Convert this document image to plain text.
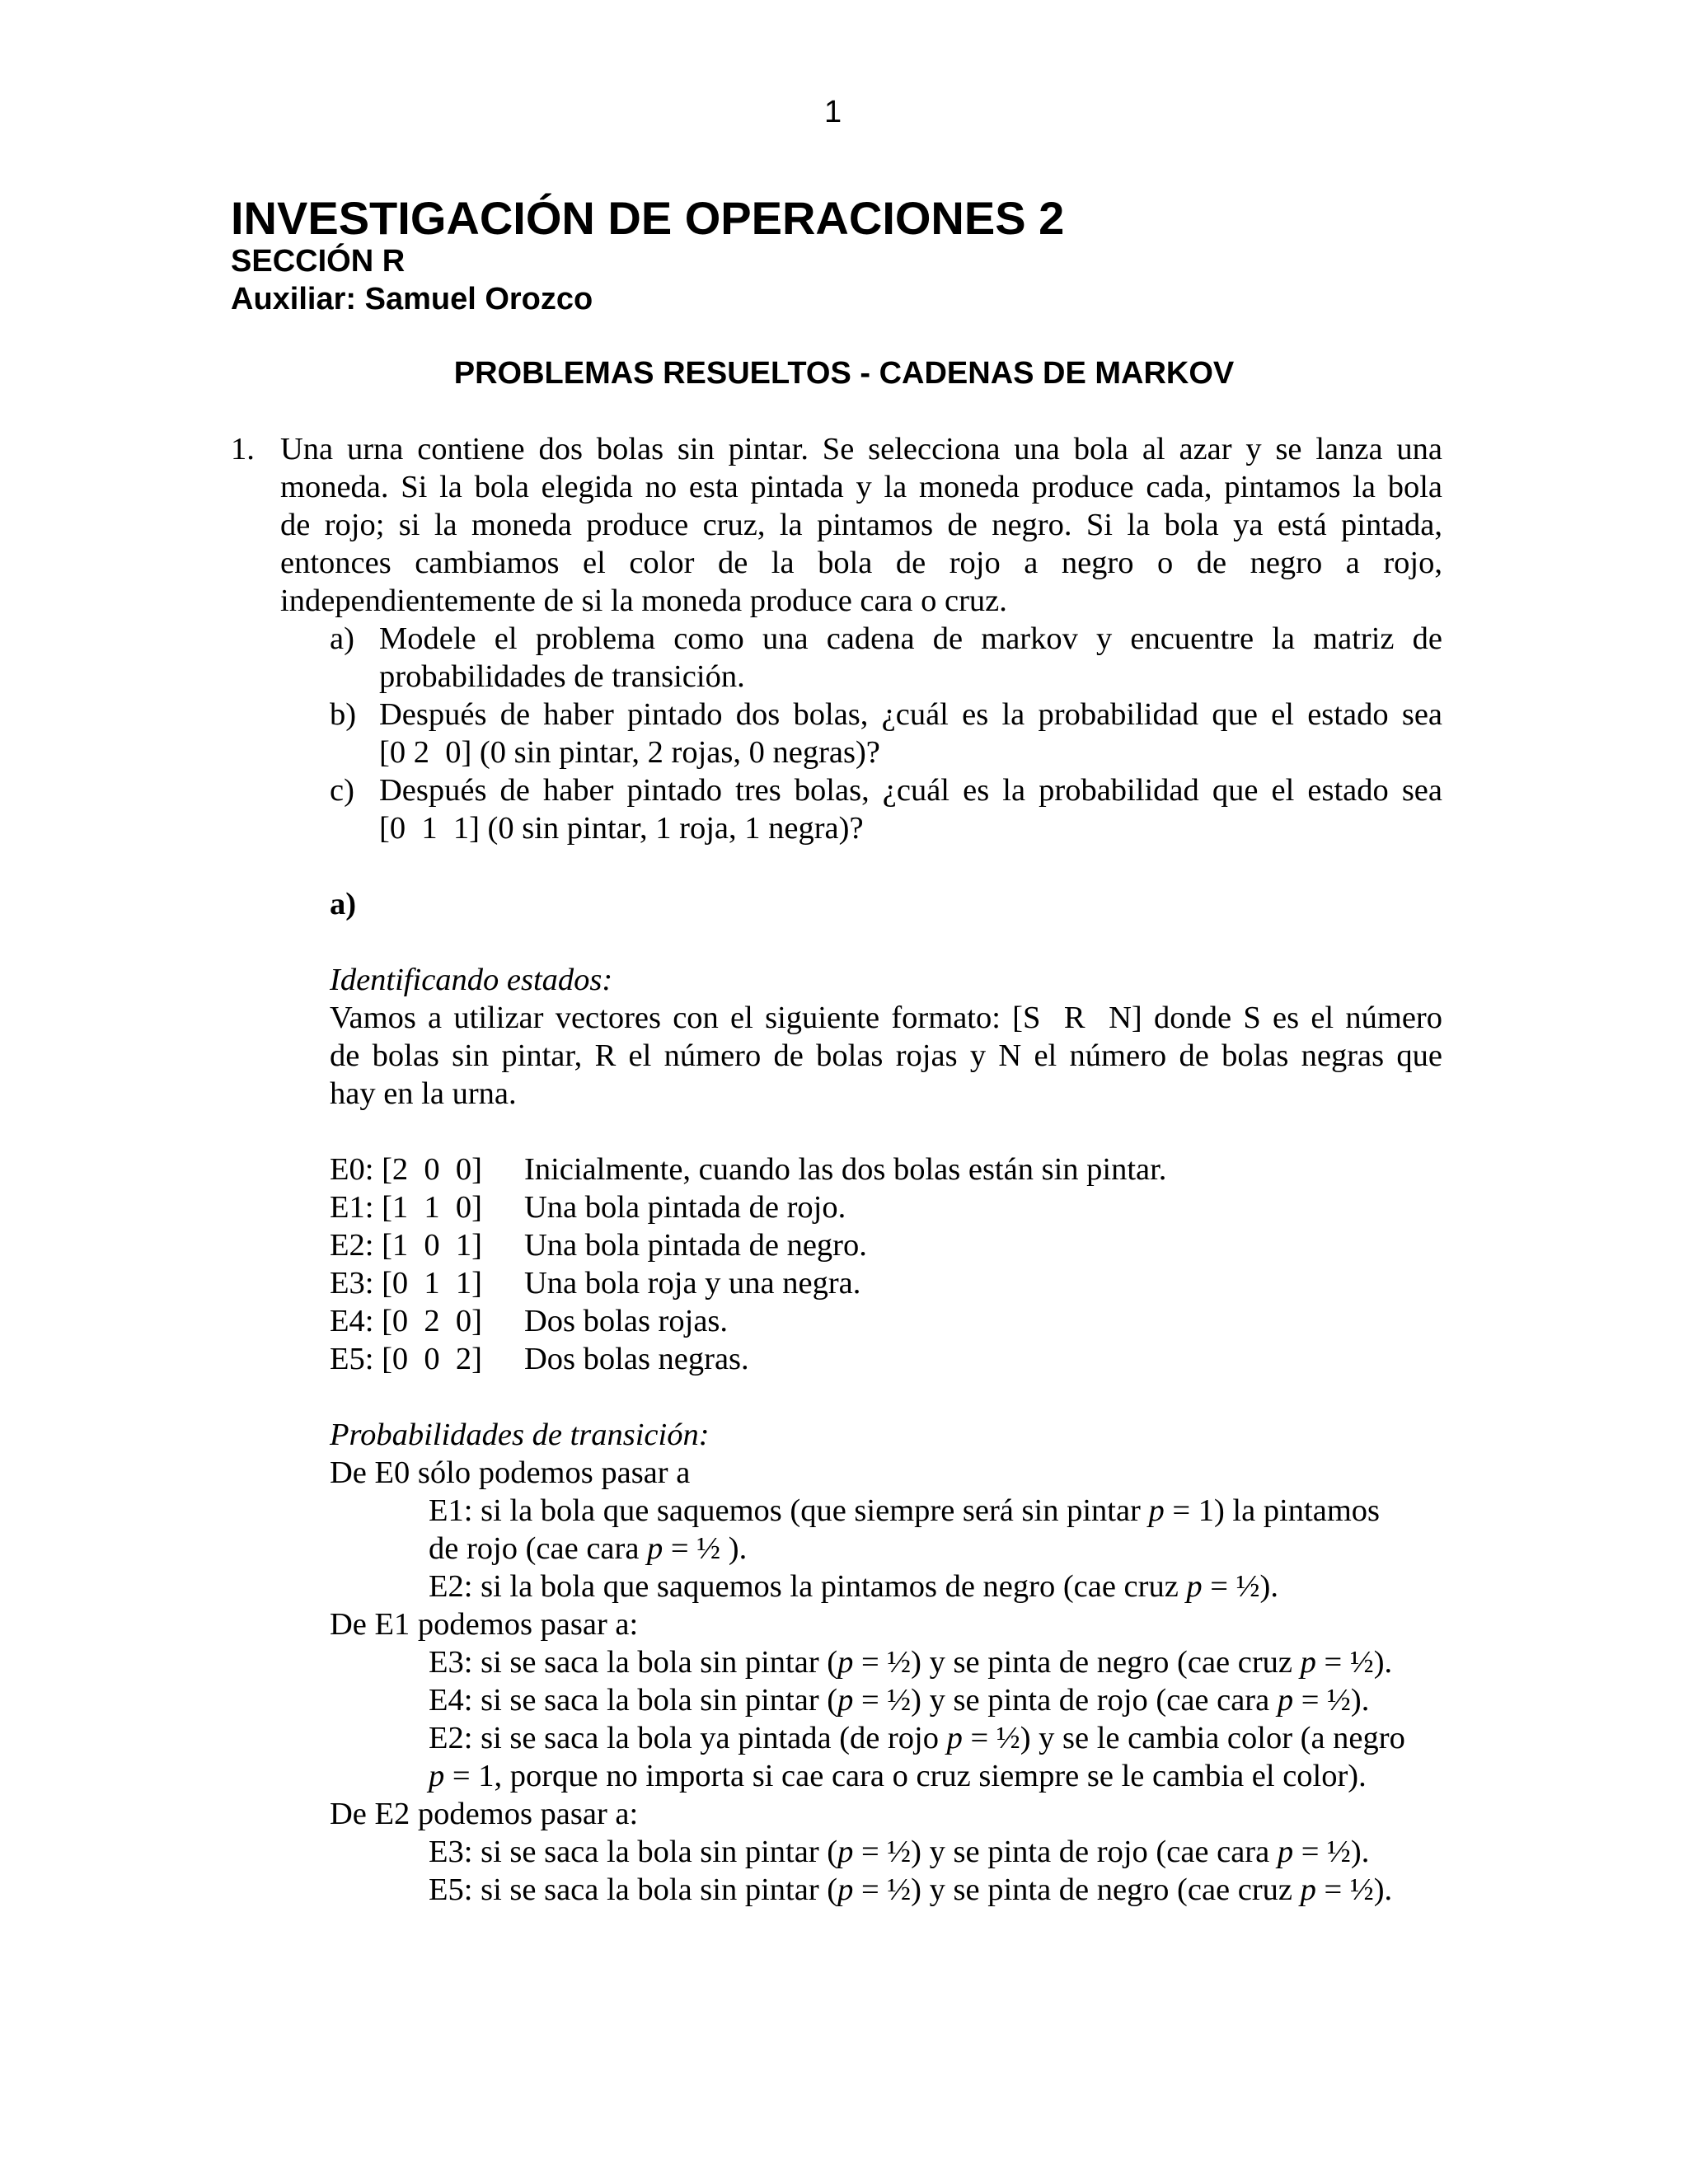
1
INVESTIGACIÓN DE OPERACIONES 2
SECCIÓN R
Auxiliar: Samuel Orozco
PROBLEMAS RESUELTOS - CADENAS DE MARKOV
1. Una urna contiene dos bolas sin pintar. Se selecciona una bola al azar y se lanza una
moneda. Si la bola elegida no esta pintada y la moneda produce cada, pintamos la bola
de rojo; si la moneda produce cruz, la pintamos de negro. Si la bola ya está pintada,
entonces cambiamos el color de la bola de rojo a negro o de negro a rojo,
independientemente de si la moneda produce cara o cruz.
a) Modele el problema como una cadena de markov y encuentre la matriz de
probabilidades de transición.
b) Después de haber pintado dos bolas, ¿cuál es la probabilidad que el estado sea
[0 2  0] (0 sin pintar, 2 rojas, 0 negras)?
c) Después de haber pintado tres bolas, ¿cuál es la probabilidad que el estado sea
[0  1  1] (0 sin pintar, 1 roja, 1 negra)?
a)
Identificando estados:
Vamos a utilizar vectores con el siguiente formato: [S  R  N] donde S es el número
de bolas sin pintar, R el número de bolas rojas y N el número de bolas negras que
hay en la urna.
E0: [2  0  0] Inicialmente, cuando las dos bolas están sin pintar.
E1: [1  1  0] Una bola pintada de rojo.
E2: [1  0  1] Una bola pintada de negro.
E3: [0  1  1] Una bola roja y una negra.
E4: [0  2  0] Dos bolas rojas.
E5: [0  0  2] Dos bolas negras.
Probabilidades de transición:
De E0 sólo podemos pasar a
E1: si la bola que saquemos (que siempre será sin pintar p = 1) la pintamos
de rojo (cae cara p = ½ ).
E2: si la bola que saquemos la pintamos de negro (cae cruz p = ½).
De E1 podemos pasar a:
E3: si se saca la bola sin pintar (p = ½) y se pinta de negro (cae cruz p = ½).
E4: si se saca la bola sin pintar (p = ½) y se pinta de rojo (cae cara p = ½).
E2: si se saca la bola ya pintada (de rojo p = ½) y se le cambia color (a negro
p = 1, porque no importa si cae cara o cruz siempre se le cambia el color).
De E2 podemos pasar a:
E3: si se saca la bola sin pintar (p = ½) y se pinta de rojo (cae cara p = ½).
E5: si se saca la bola sin pintar (p = ½) y se pinta de negro (cae cruz p = ½).
